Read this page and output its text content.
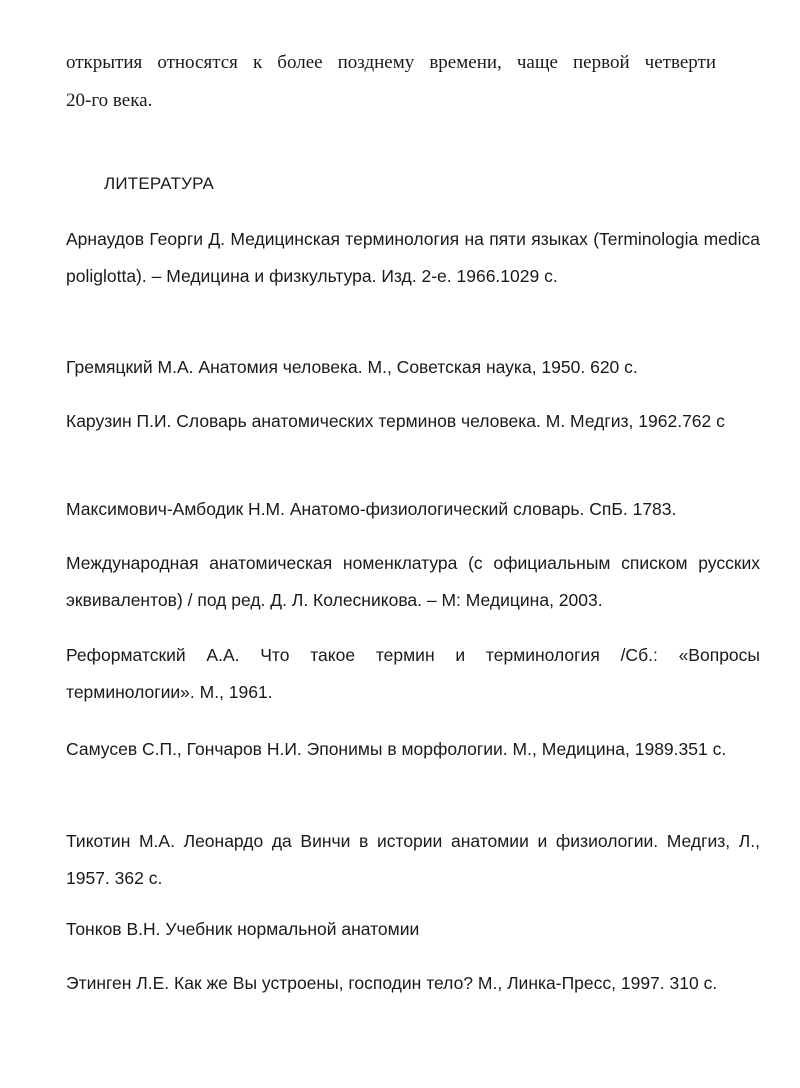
открытия относятся к более позднему времени, чаще первой четверти
20-го века.
ЛИТЕРАТУРА

Арнаудов Георги Д. Медицинская терминология на пяти языках (Terminologia medica poliglotta). – Медицина и физкультура. Изд. 2-е. 1966.1029 с.

Гремяцкий М.А. Анатомия человека. М., Советская наука, 1950. 620 с.

Карузин П.И. Словарь анатомических терминов человека. М. Медгиз, 1962.762 с

Максимович-Амбодик Н.М. Анатомо-физиологический словарь. СпБ. 1783.

Международная анатомическая номенклатура (с официальным списком русских эквивалентов) / под ред. Д. Л. Колесникова. – М: Медицина, 2003.

Реформатский А.А. Что такое термин и терминология /Сб.: «Вопросы терминологии». М., 1961.

Самусев С.П., Гончаров Н.И. Эпонимы в морфологии. М., Медицина, 1989.351 с.

Тикотин М.А. Леонардо да Винчи в истории анатомии и физиологии. Медгиз, Л., 1957. 362 с.

Тонков В.Н. Учебник нормальной анатомии

Этинген Л.Е. Как же Вы устроены, господин тело? М., Линка-Пресс, 1997. 310 с.
